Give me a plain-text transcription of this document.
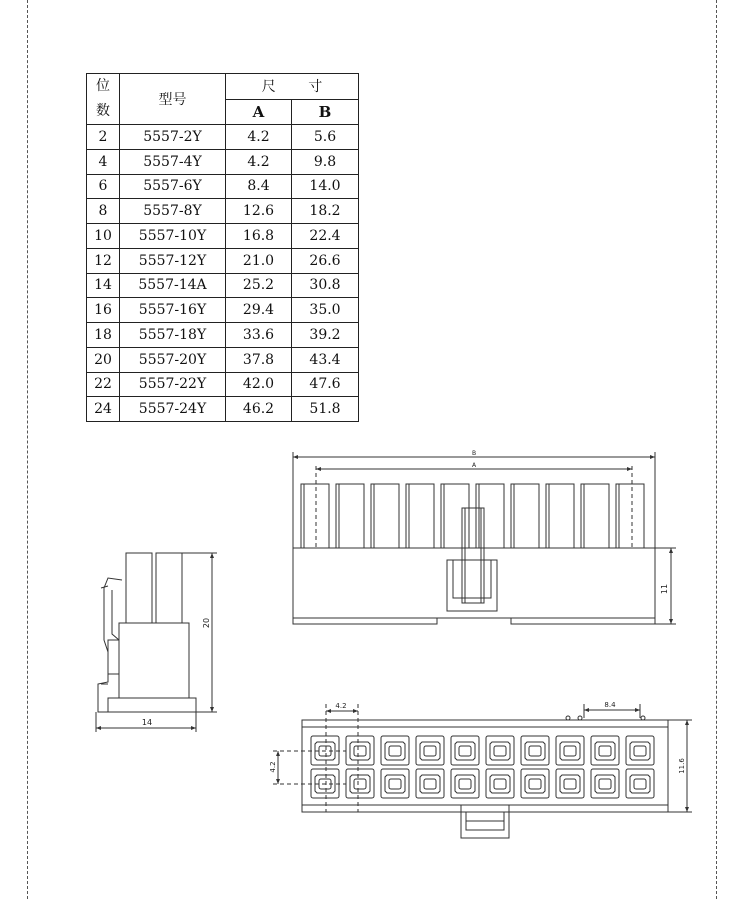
位
数	型号	尺 寸	
		A	B
2	5557-2Y	4.2	5.6
4	5557-4Y	4.2	9.8
6	5557-6Y	8.4	14.0
8	5557-8Y	12.6	18.2
10	5557-10Y	16.8	22.4
12	5557-12Y	21.0	26.6
14	5557-14A	25.2	30.8
16	5557-16Y	29.4	35.0
18	5557-18Y	33.6	39.2
20	5557-20Y	37.8	43.4
22	5557-22Y	42.0	47.6
24	5557-24Y	46.2	51.8
20
14
B
A
11
4.2
4.2
8.4
11.6
